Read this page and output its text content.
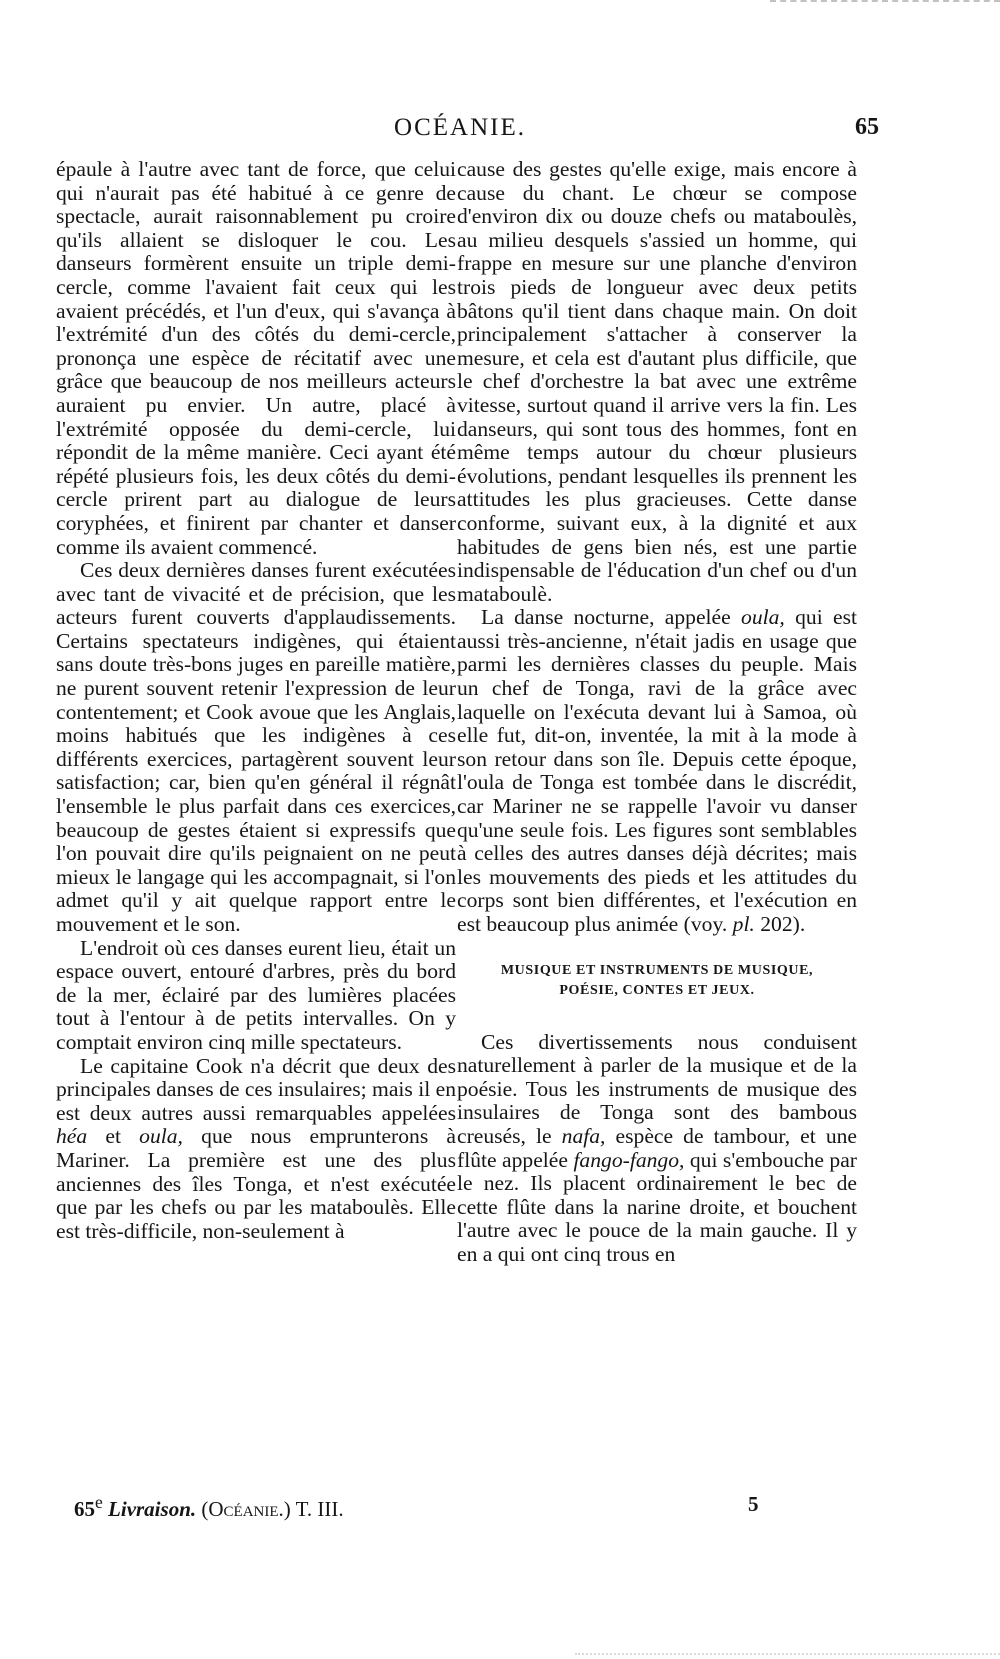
OCÉANIE.	65

épaule à l'autre avec tant de force, que celui qui n'aurait pas été habitué à ce genre de spectacle, aurait raisonnablement pu croire qu'ils allaient se disloquer le cou. Les danseurs formèrent ensuite un triple demi-cercle, comme l'avaient fait ceux qui les avaient précédés, et l'un d'eux, qui s'avança à l'extrémité d'un des côtés du demi-cercle, prononça une espèce de récitatif avec une grâce que beaucoup de nos meilleurs acteurs auraient pu envier. Un autre, placé à l'extrémité opposée du demi-cercle, lui répondit de la même manière. Ceci ayant été répété plusieurs fois, les deux côtés du demi-cercle prirent part au dialogue de leurs coryphées, et finirent par chanter et danser comme ils avaient commencé.

Ces deux dernières danses furent exécutées avec tant de vivacité et de précision, que les acteurs furent couverts d'applaudissements. Certains spectateurs indigènes, qui étaient sans doute très-bons juges en pareille matière, ne purent souvent retenir l'expression de leur contentement; et Cook avoue que les Anglais, moins habitués que les indigènes à ces différents exercices, partagèrent souvent leur satisfaction; car, bien qu'en général il régnât l'ensemble le plus parfait dans ces exercices, beaucoup de gestes étaient si expressifs que l'on pouvait dire qu'ils peignaient on ne peut mieux le langage qui les accompagnait, si l'on admet qu'il y ait quelque rapport entre le mouvement et le son.

L'endroit où ces danses eurent lieu, était un espace ouvert, entouré d'arbres, près du bord de la mer, éclairé par des lumières placées tout à l'entour à de petits intervalles. On y comptait environ cinq mille spectateurs.

Le capitaine Cook n'a décrit que deux des principales danses de ces insulaires; mais il en est deux autres aussi remarquables appelées héa et oula, que nous emprunterons à Mariner. La première est une des plus anciennes des îles Tonga, et n'est exécutée que par les chefs ou par les mataboulès. Elle est très-difficile, non-seulement à

cause des gestes qu'elle exige, mais encore à cause du chant. Le chœur se compose d'environ dix ou douze chefs ou mataboulès, au milieu desquels s'assied un homme, qui frappe en mesure sur une planche d'environ trois pieds de longueur avec deux petits bâtons qu'il tient dans chaque main. On doit principalement s'attacher à conserver la mesure, et cela est d'autant plus difficile, que le chef d'orchestre la bat avec une extrême vitesse, surtout quand il arrive vers la fin. Les danseurs, qui sont tous des hommes, font en même temps autour du chœur plusieurs évolutions, pendant lesquelles ils prennent les attitudes les plus gracieuses. Cette danse conforme, suivant eux, à la dignité et aux habitudes de gens bien nés, est une partie indispensable de l'éducation d'un chef ou d'un mataboulè.

La danse nocturne, appelée oula, qui est aussi très-ancienne, n'était jadis en usage que parmi les dernières classes du peuple. Mais un chef de Tonga, ravi de la grâce avec laquelle on l'exécuta devant lui à Samoa, où elle fut, dit-on, inventée, la mit à la mode à son retour dans son île. Depuis cette époque, l'oula de Tonga est tombée dans le discrédit, car Mariner ne se rappelle l'avoir vu danser qu'une seule fois. Les figures sont semblables à celles des autres danses déjà décrites; mais les mouvements des pieds et les attitudes du corps sont bien différentes, et l'exécution en est beaucoup plus animée (voy. pl. 202).

MUSIQUE ET INSTRUMENTS DE MUSIQUE,
POÉSIE, CONTES ET JEUX.

Ces divertissements nous conduisent naturellement à parler de la musique et de la poésie. Tous les instruments de musique des insulaires de Tonga sont des bambous creusés, le nafa, espèce de tambour, et une flûte appelée fango-fango, qui s'embouche par le nez. Ils placent ordinairement le bec de cette flûte dans la narine droite, et bouchent l'autre avec le pouce de la main gauche. Il y en a qui ont cinq trous en

65e Livraison. (Océanie.) T. III.	5
